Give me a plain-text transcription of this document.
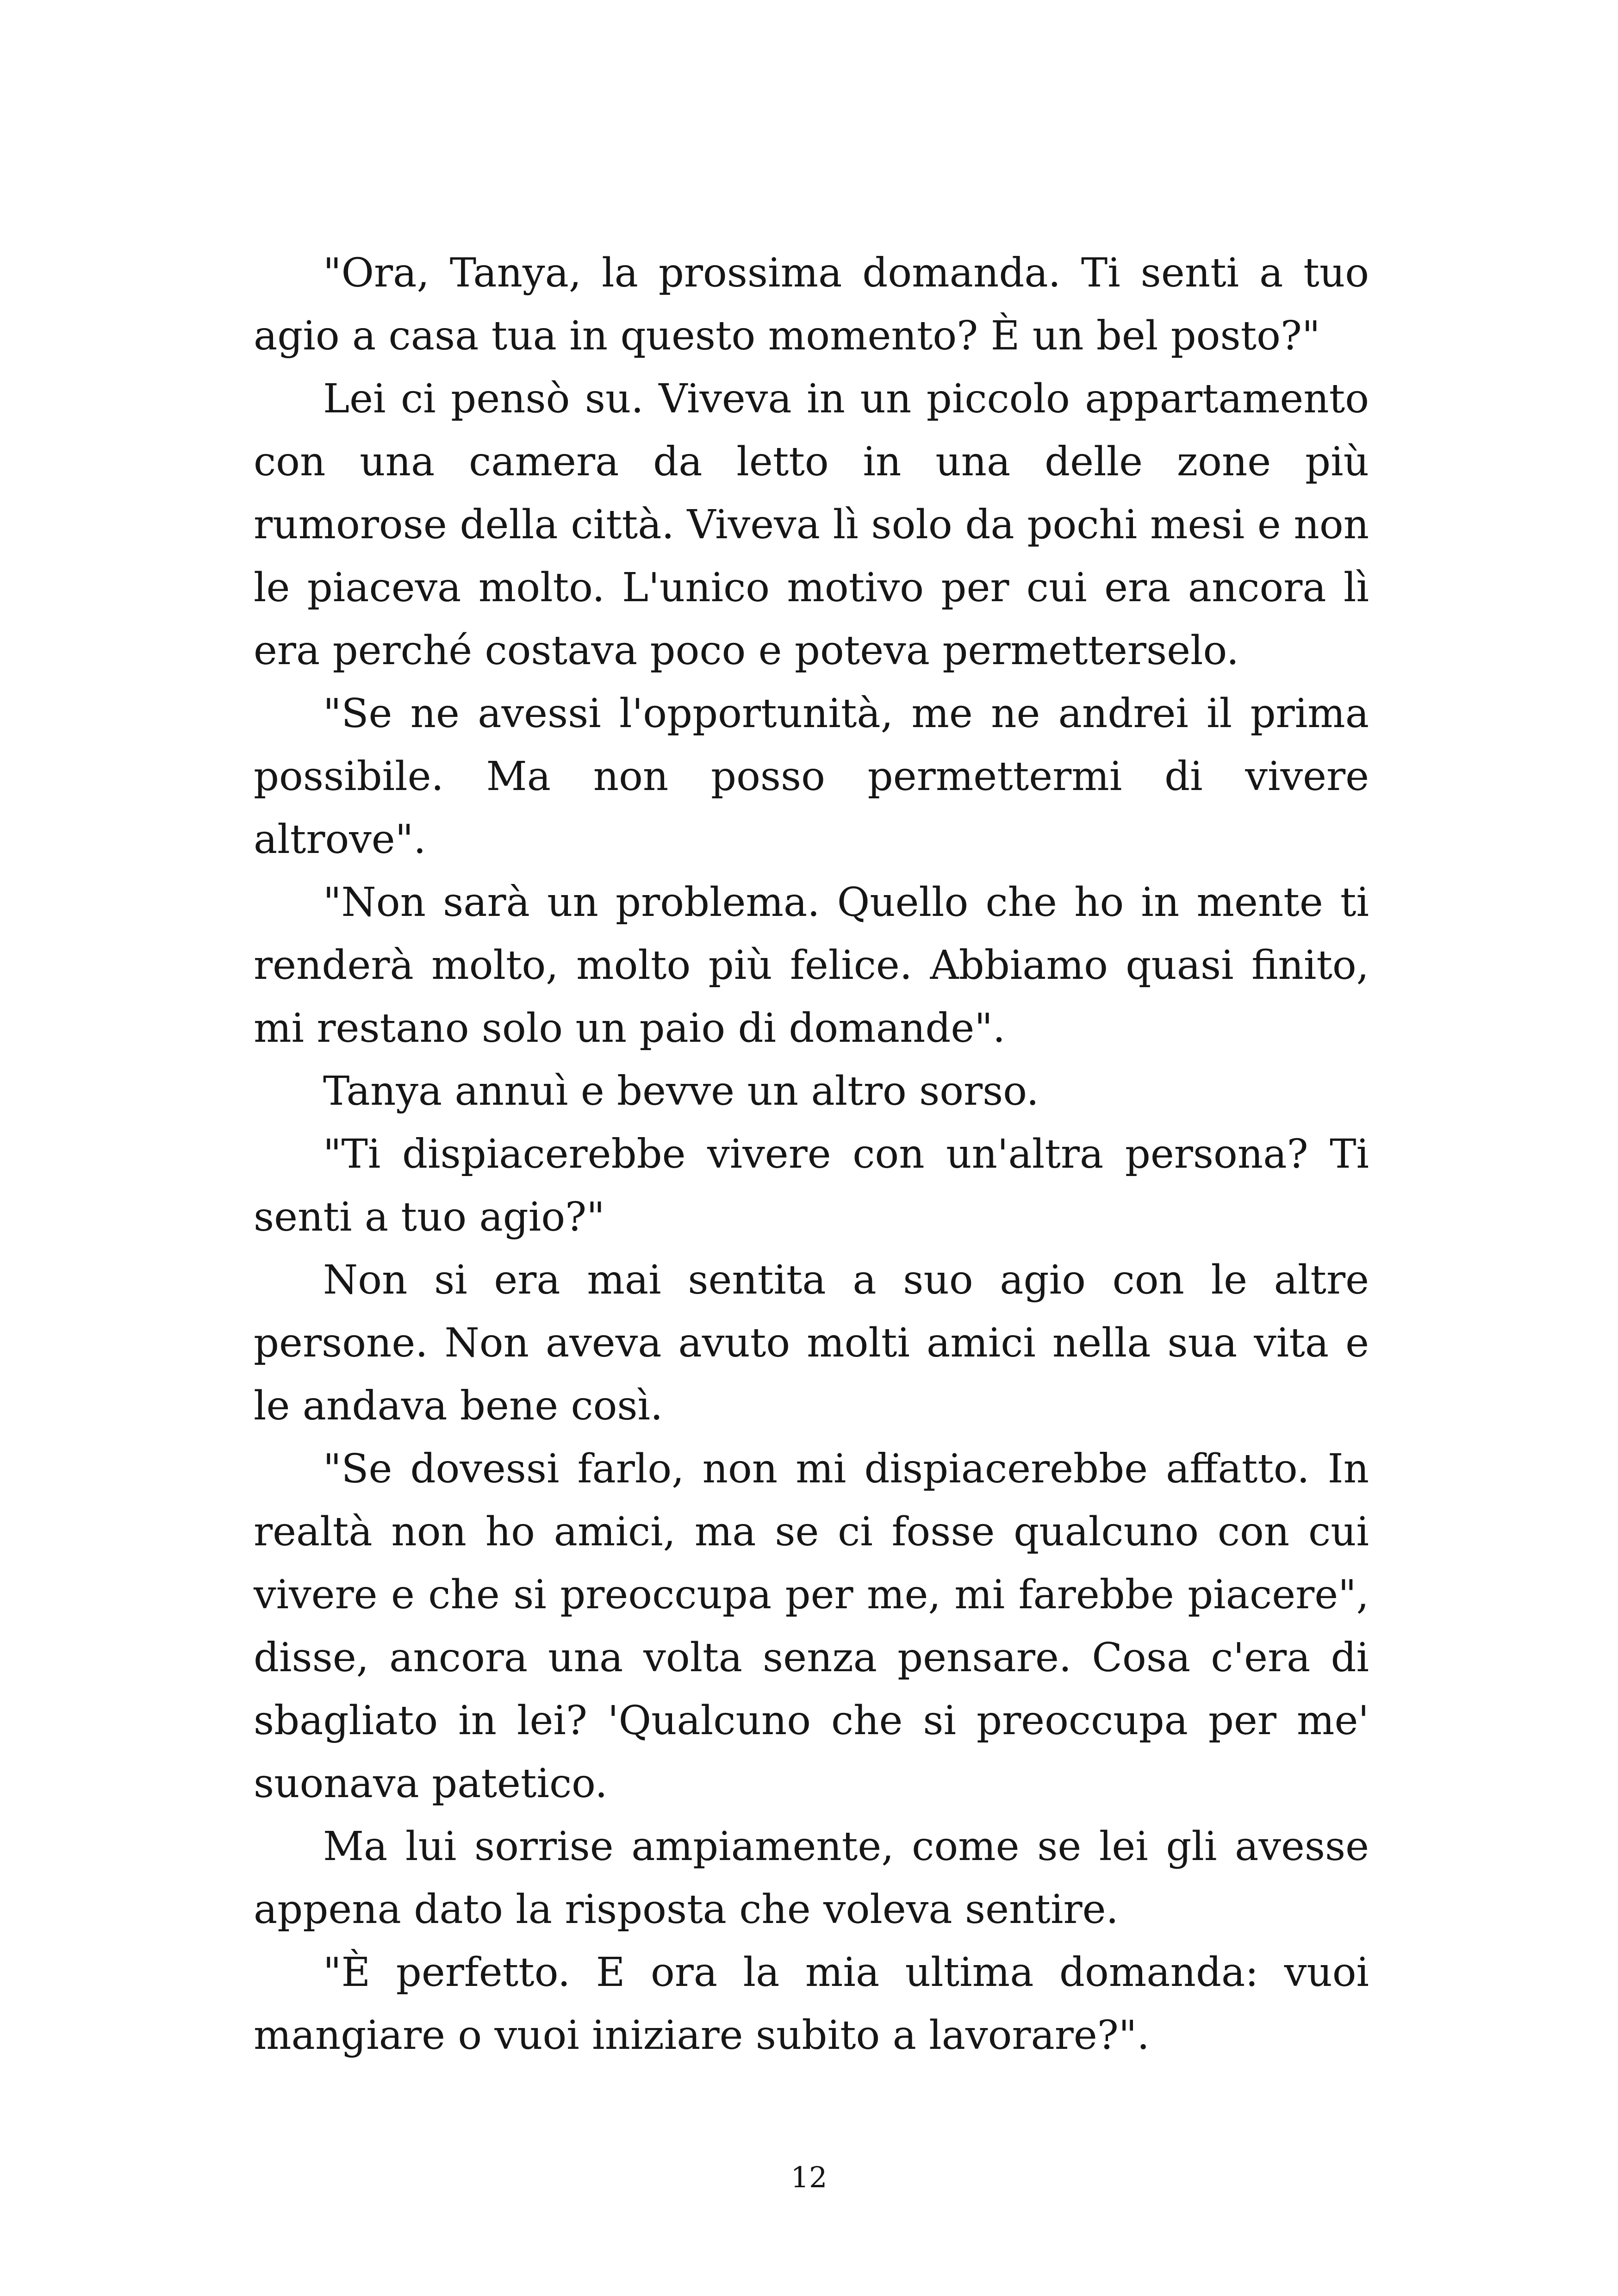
"Ora, Tanya, la prossima domanda. Ti senti a tuo agio a casa tua in questo momento? È un bel posto?"

Lei ci pensò su. Viveva in un piccolo appartamento con una camera da letto in una delle zone più rumorose della città. Viveva lì solo da pochi mesi e non le piaceva molto. L'unico motivo per cui era ancora lì era perché costava poco e poteva permetterselo.

"Se ne avessi l'opportunità, me ne andrei il prima possibile. Ma non posso permettermi di vivere altrove".

"Non sarà un problema. Quello che ho in mente ti renderà molto, molto più felice. Abbiamo quasi finito, mi restano solo un paio di domande".

Tanya annuì e bevve un altro sorso.

"Ti dispiacerebbe vivere con un'altra persona? Ti senti a tuo agio?"

Non si era mai sentita a suo agio con le altre persone. Non aveva avuto molti amici nella sua vita e le andava bene così.

"Se dovessi farlo, non mi dispiacerebbe affatto. In realtà non ho amici, ma se ci fosse qualcuno con cui vivere e che si preoccupa per me, mi farebbe piacere", disse, ancora una volta senza pensare. Cosa c'era di sbagliato in lei? 'Qualcuno che si preoccupa per me' suonava patetico.

Ma lui sorrise ampiamente, come se lei gli avesse appena dato la risposta che voleva sentire.

"È perfetto. E ora la mia ultima domanda: vuoi mangiare o vuoi iniziare subito a lavorare?".

12
